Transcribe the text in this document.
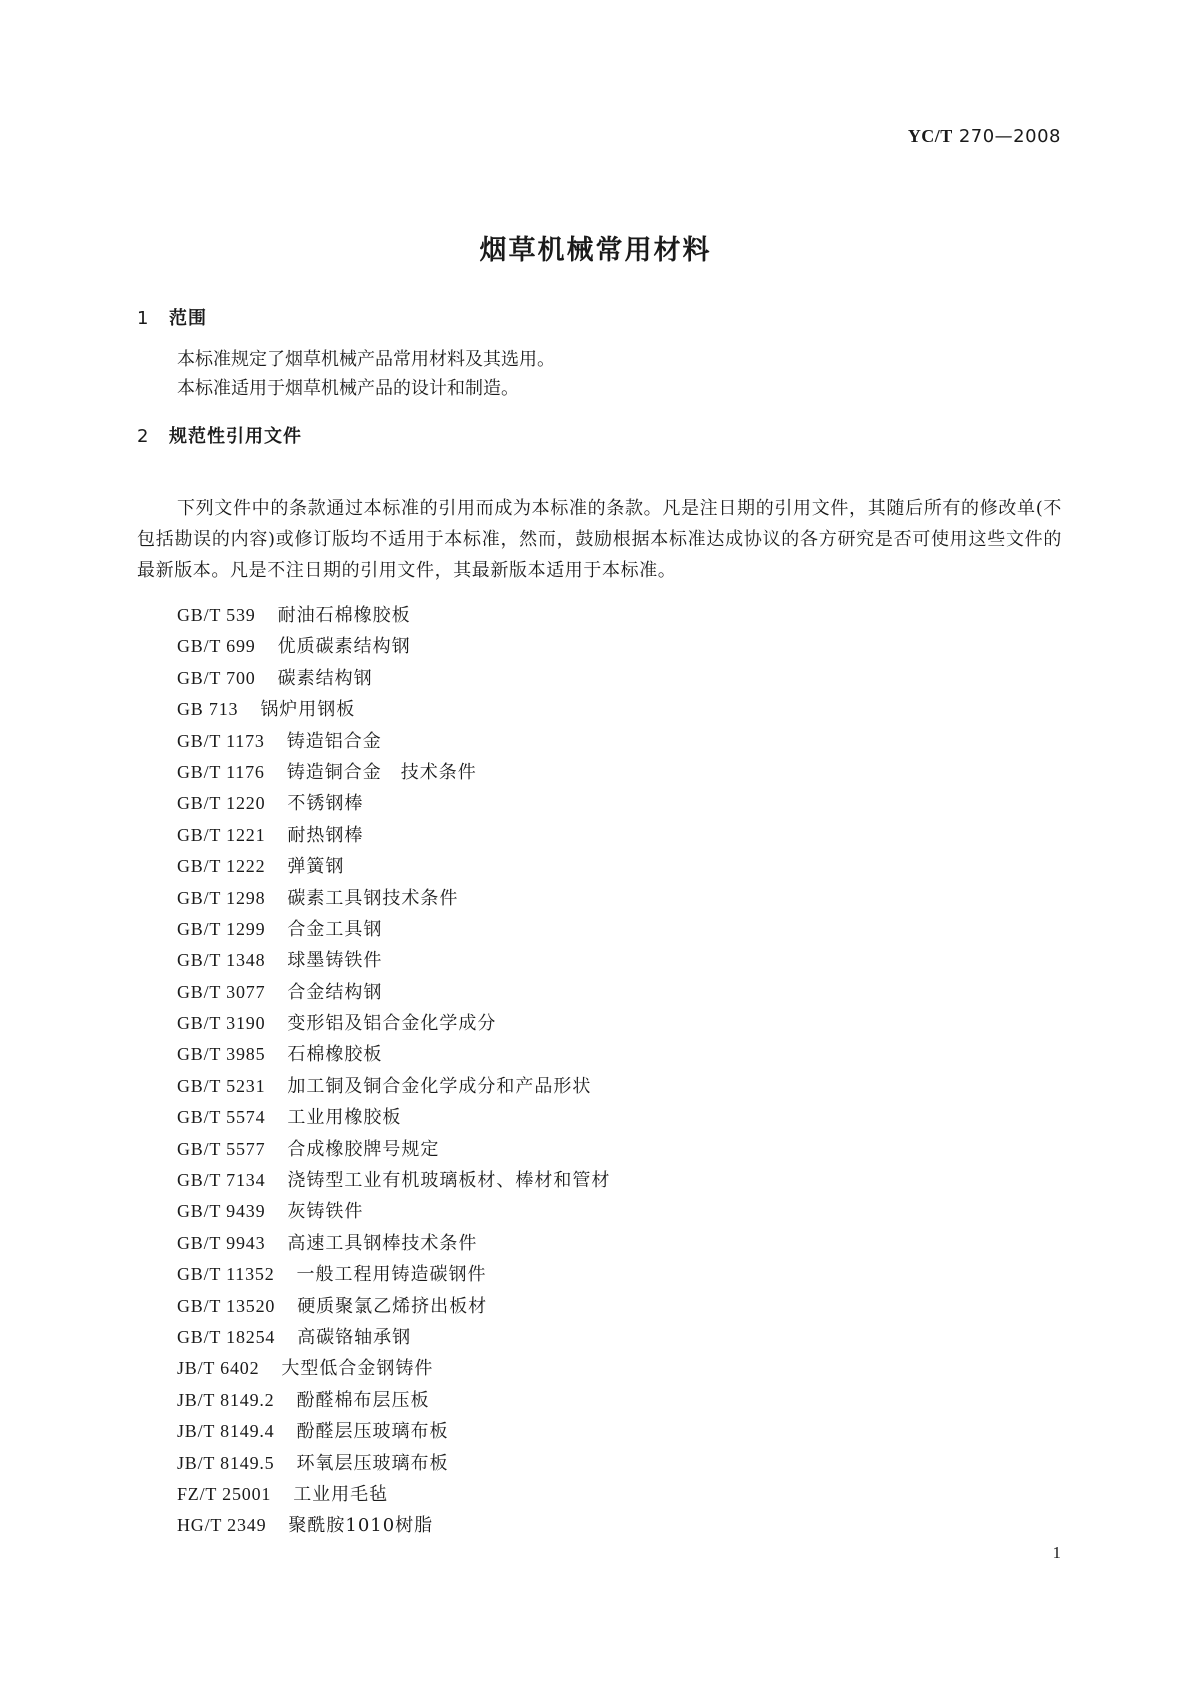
YC/T 270—2008
烟草机械常用材料
1 范围
本标准规定了烟草机械产品常用材料及其选用。
本标准适用于烟草机械产品的设计和制造。
2 规范性引用文件
下列文件中的条款通过本标准的引用而成为本标准的条款。凡是注日期的引用文件，其随后所有的修改单(不包括勘误的内容)或修订版均不适用于本标准，然而，鼓励根据本标准达成协议的各方研究是否可使用这些文件的最新版本。凡是不注日期的引用文件，其最新版本适用于本标准。
GB/T 539 耐油石棉橡胶板
GB/T 699 优质碳素结构钢
GB/T 700 碳素结构钢
GB 713 锅炉用钢板
GB/T 1173 铸造铝合金
GB/T 1176 铸造铜合金　技术条件
GB/T 1220 不锈钢棒
GB/T 1221 耐热钢棒
GB/T 1222 弹簧钢
GB/T 1298 碳素工具钢技术条件
GB/T 1299 合金工具钢
GB/T 1348 球墨铸铁件
GB/T 3077 合金结构钢
GB/T 3190 变形铝及铝合金化学成分
GB/T 3985 石棉橡胶板
GB/T 5231 加工铜及铜合金化学成分和产品形状
GB/T 5574 工业用橡胶板
GB/T 5577 合成橡胶牌号规定
GB/T 7134 浇铸型工业有机玻璃板材、棒材和管材
GB/T 9439 灰铸铁件
GB/T 9943 高速工具钢棒技术条件
GB/T 11352 一般工程用铸造碳钢件
GB/T 13520 硬质聚氯乙烯挤出板材
GB/T 18254 高碳铬轴承钢
JB/T 6402 大型低合金钢铸件
JB/T 8149.2 酚醛棉布层压板
JB/T 8149.4 酚醛层压玻璃布板
JB/T 8149.5 环氧层压玻璃布板
FZ/T 25001 工业用毛毡
HG/T 2349 聚酰胺1010树脂
1
